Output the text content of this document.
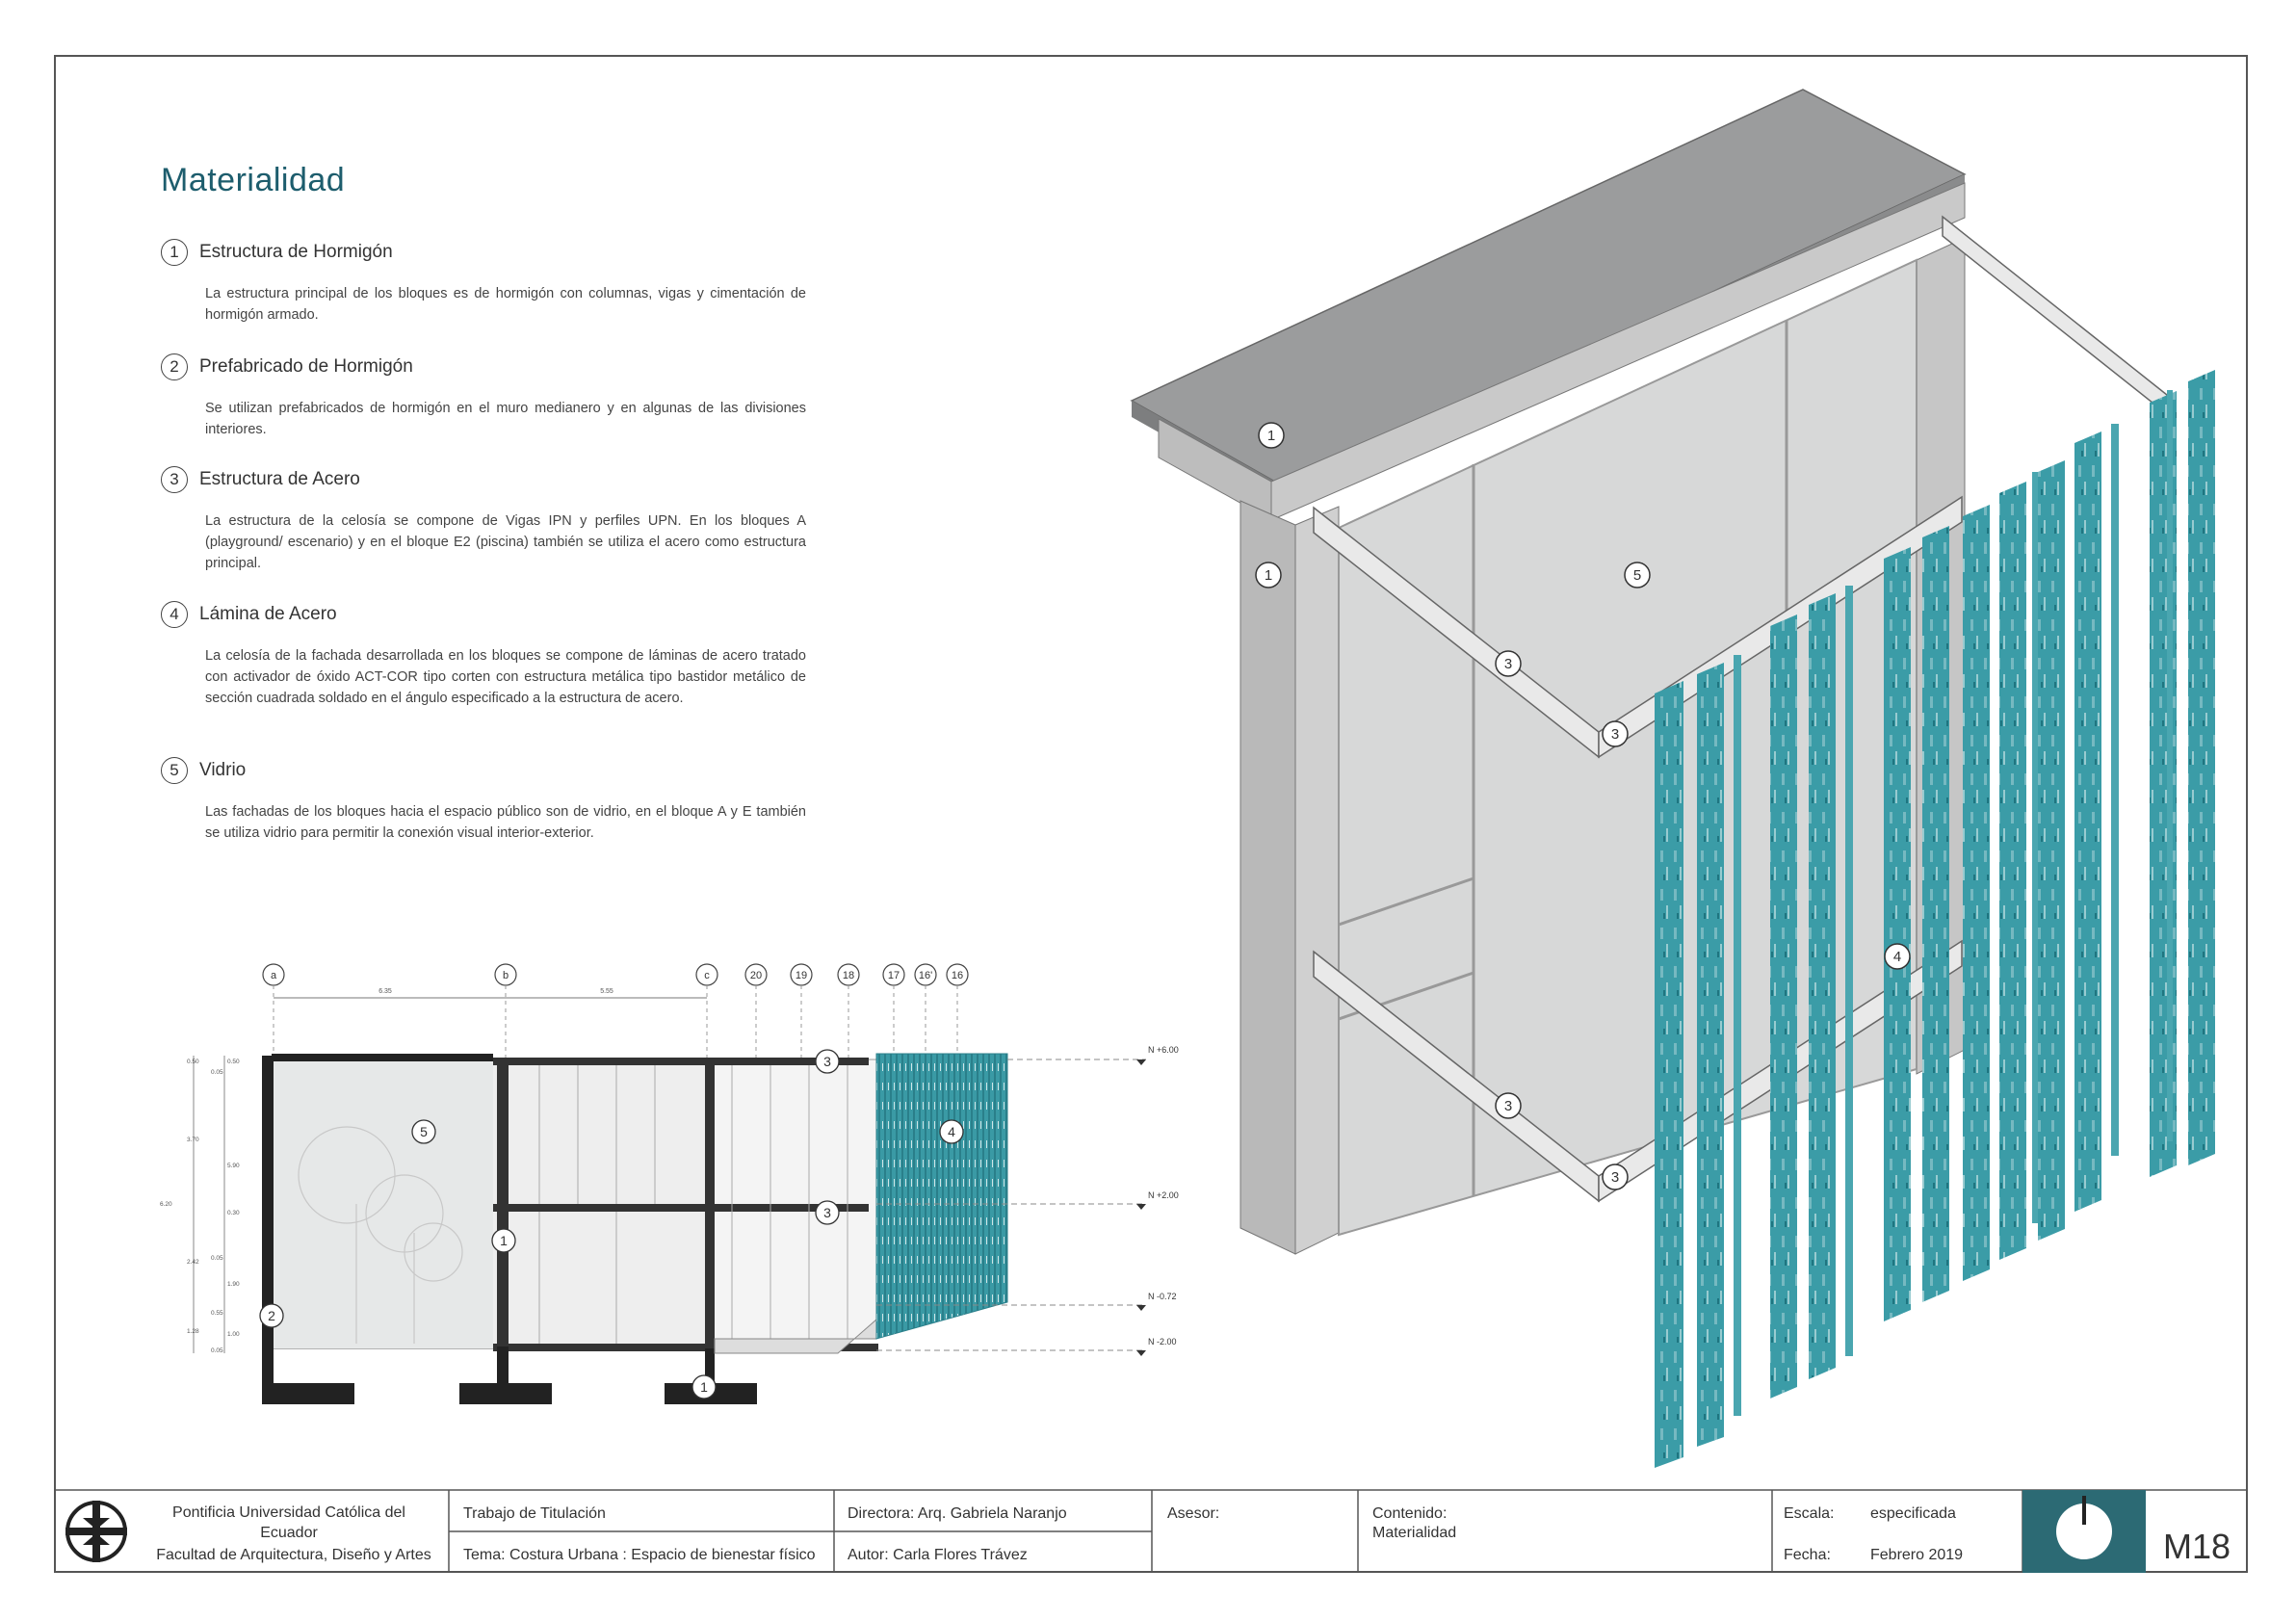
Materialidad
1	Estructura de Hormigón
La estructura principal de los bloques es de hormigón con columnas, vigas y cimentación de hormigón armado.
2	Prefabricado de Hormigón
Se utilizan prefabricados de hormigón en el muro medianero y en algunas de las divisiones interiores.
3	Estructura de Acero
La estructura de la celosía se compone de Vigas IPN y perfiles UPN. En los bloques A (playground/ escenario) y en el bloque E2 (piscina) también se utiliza el acero como estructura principal.
4	Lámina de Acero
La celosía de la fachada desarrollada en los bloques se compone de láminas de acero tratado con activador de óxido ACT-COR tipo corten con estructura metálica tipo bastidor metálico de sección cuadrada soldado en el ángulo especificado a la estructura de acero.
5	Vidrio
Las fachadas de los bloques hacia el espacio público son de vidrio, en el bloque A y E también se utiliza vidrio para permitir la conexión visual interior-exterior.
1
1	5
3
3
3
3
4
a	b	c	20	19	18	17 16' 16
6.35	5.55
0.50
3.70
6.20
2.42
1.28
0.50
0.05
5.90
0.30
0.05
1.90
0.55
1.00
0.05
N +6.00
N +2.00
N -0.72
N -2.00
5	4
3
3
1
2
1
Pontificia Universidad Católica del Ecuador
Facultad de Arquitectura, Diseño y Artes
Trabajo de Titulación
Tema: Costura Urbana : Espacio de bienestar físico
Directora: Arq. Gabriela Naranjo
Autor: Carla Flores Trávez
Asesor:	Contenido:
Materialidad
Escala: especificada
Fecha:	Febrero 2019	M18
